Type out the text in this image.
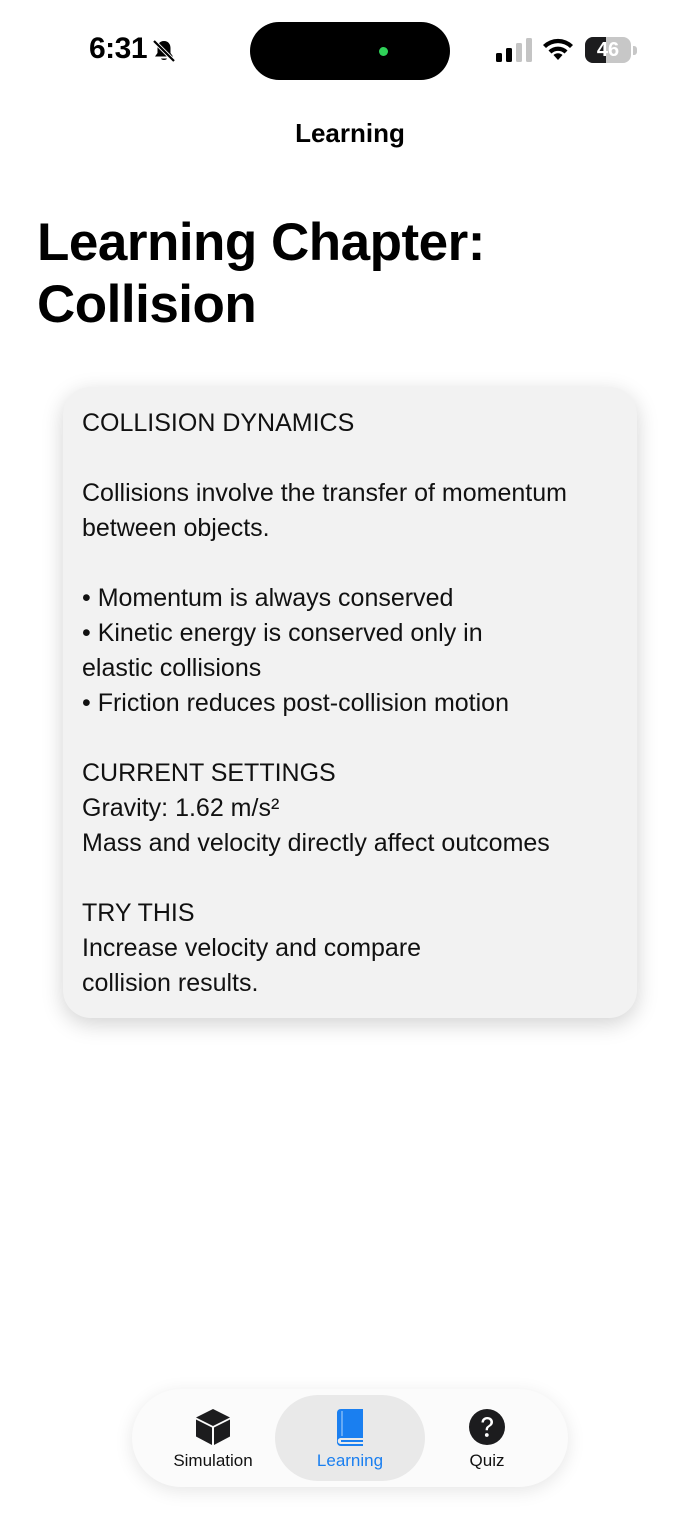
6:31	46
Learning
Learning Chapter:
Collision
COLLISION DYNAMICS
Collisions involve the transfer of momentum
between objects.
• Momentum is always conserved
• Kinetic energy is conserved only in
elastic collisions
• Friction reduces post-collision motion
CURRENT SETTINGS
Gravity: 1.62 m/s²
Mass and velocity directly affect outcomes
TRY THIS
Increase velocity and compare
collision results.
Simulation	Learning	Quiz
